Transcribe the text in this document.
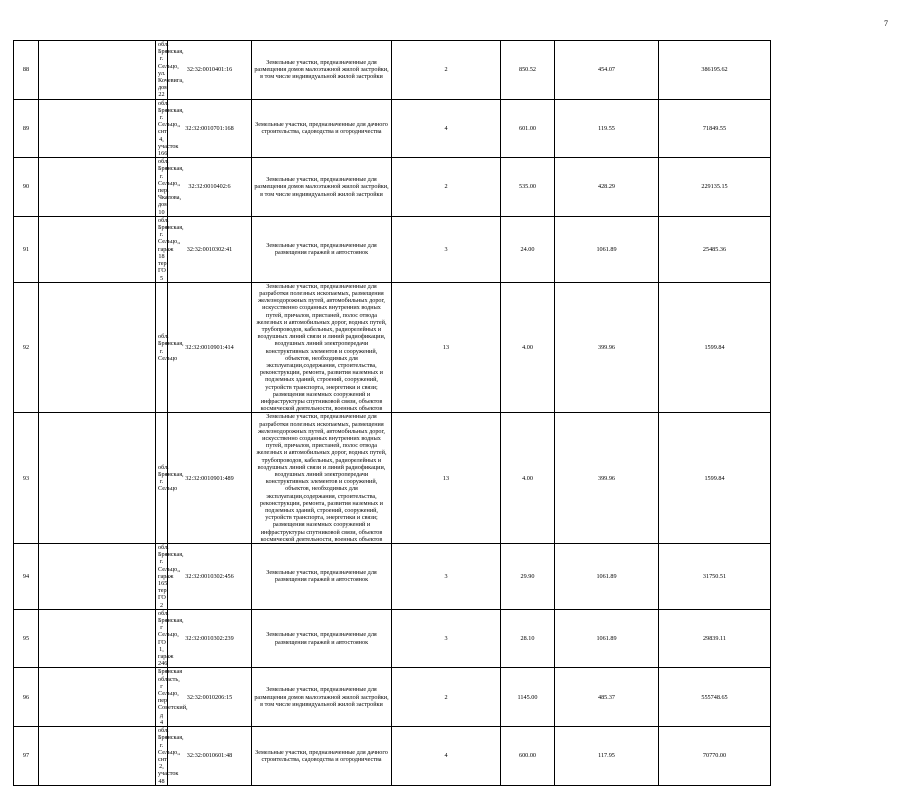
7
88		обл. Брянская, г. Сельцо, ул. Кочевига, дом 22	32:32:0010401:16	Земельные участки, предназначенные для размещения домов малоэтажной жилой застройки, в том числе индивидуальной жилой застройки	2	850.52	454.07	386195.62
89		обл. Брянская, г. Сельцо,, снт 4, участок 166	32:32:0010701:168	Земельные участки, предназначенные для дачного строительства, садоводства и огородничества	4	601.00	119.55	71849.55
90		обл. Брянская, г. Сельцо,, пер. Чкалова, дом 10	32:32:0010402:6	Земельные участки, предназначенные для размещения домов малоэтажной жилой застройки, в том числе индивидуальной жилой застройки	2	535.00	428.29	229135.15
91		обл. Брянская, г. Сельцо,, гараж 18 тер. ГО 5	32:32:0010302:41	Земельные участки, предназначенные для размещения гаражей и автостоянок	3	24.00	1061.89	25485.36
92		обл. Брянская, г. Сельцо	32:32:0010901:414	Земельные участки, предназначенные для разработки полезных ископаемых, размещения железнодорожных путей, автомобильных дорог, искусственно созданных внутренних водных путей, причалов, пристаней, полос отвода железных и автомобильных дорог, водных путей, трубопроводов, кабельных, радиорелейных и воздушных линий связи и линий радиофикации, воздушных линий электропередачи конструктивных элементов и сооружений, объектов, необходимых для эксплуатации,содержания, строительства, реконструкции, ремонта, развития наземных и подземных зданий, строений, сооружений, устройств транспорта, энергетики и связи; размещения наземных сооружений и инфраструктуры спутниковой связи, объектов космической деятельности, военных объектов	13	4.00	399.96	1599.84
93		обл. Брянская, г. Сельцо	32:32:0010901:489	Земельные участки, предназначенные для разработки полезных ископаемых, размещения железнодорожных путей, автомобильных дорог, искусственно созданных внутренних водных путей, причалов, пристаней, полос отвода железных и автомобильных дорог, водных путей, трубопроводов, кабельных, радиорелейных и воздушных линий связи и линий радиофикации, воздушных линий электропередачи конструктивных элементов и сооружений, объектов, необходимых для эксплуатации,содержания, строительства, реконструкции, ремонта, развития наземных и подземных зданий, строений, сооружений, устройств транспорта, энергетики и связи; размещения наземных сооружений и инфраструктуры спутниковой связи, объектов космической деятельности, военных объектов	13	4.00	399.96	1599.84
94		обл. Брянская, г. Сельцо,, гараж 165 тер. ГО 2	32:32:0010302:456	Земельные участки, предназначенные для размещения гаражей и автостоянок	3	29.90	1061.89	31750.51
95		обл. Брянская, г Сельцо, ГО 1, гараж 246	32:32:0010302:239	Земельные участки, предназначенные для размещения гаражей и автостоянок	3	28.10	1061.89	29839.11
96		Брянская область, г Сельцо, пер Советский, д 4	32:32:0010206:15	Земельные участки, предназначенные для размещения домов малоэтажной жилой застройки, в том числе индивидуальной жилой застройки	2	1145.00	485.37	555748.65
97		обл. Брянская, г. Сельцо,, снт 2, участок 48	32:32:0010601:48	Земельные участки, предназначенные для дачного строительства, садоводства и огородничества	4	600.00	117.95	70770.00
